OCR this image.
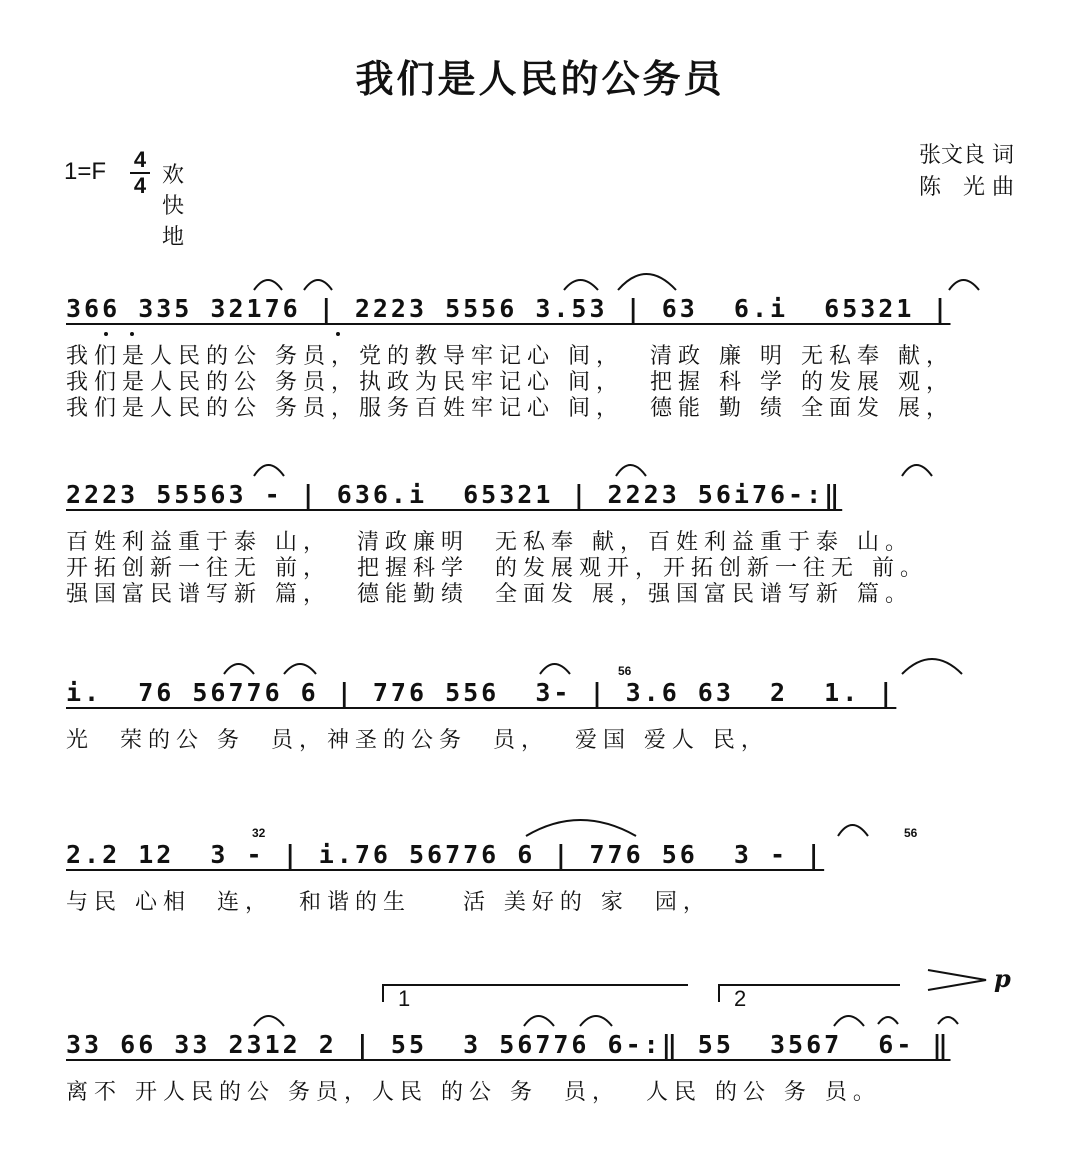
我们是人民的公务员
1=F 4
4 欢快地
张文良 词
陈　光 曲
366 335 32176 | 2223 5556 3.53 | 63  6.i  65321 |
我们是人民的公 务员，党的教导牢记心 间，  清政 廉 明 无私奉 献，
我们是人民的公 务员，执政为民牢记心 间，  把握 科 学 的发展 观，
我们是人民的公 务员，服务百姓牢记心 间，  德能 勤 绩 全面发 展，
2223 55563 - | 636.i  65321 | 2223 56i76-:‖
百姓利益重于泰 山，  清政廉明  无私奉 献，百姓利益重于泰 山。
开拓创新一往无 前，  把握科学  的发展观开，开拓创新一往无 前。
强国富民谱写新 篇，  德能勤绩  全面发 展，强国富民谱写新 篇。
i.  76 56776 6 | 776 556  3- | 3.6 63  2  1. |
56
光  荣的公 务  员，神圣的公务  员，  爱国 爱人 民，
2.2 12  3 - | i.76 56776 6 | 776 56  3 - |
32	56
与民 心相  连，  和谐的生    活 美好的 家  园，
1	2
p
33 66 33 2312 2 | 55  3 56776 6-:‖ 55  3567  6- ‖
离不 开人民的公 务员，人民 的公 务  员，  人民 的公 务 员。
